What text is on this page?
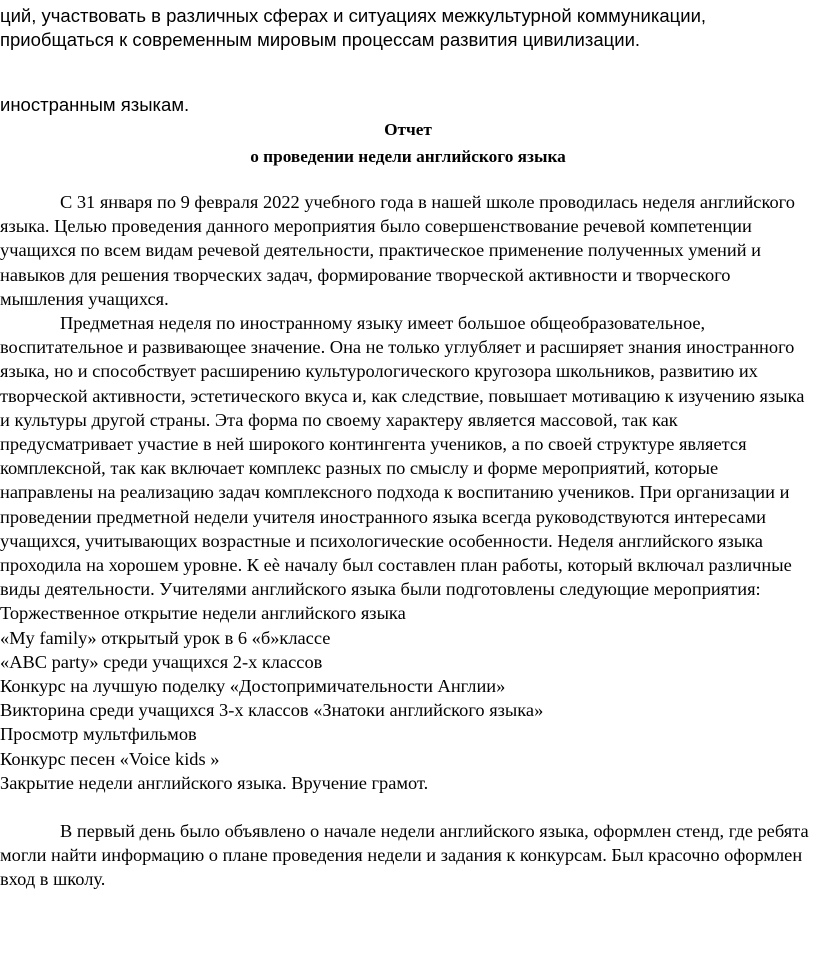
ций, участвовать в различных сферах и ситуациях межкультурной коммуникации,

приобщаться к современным мировым процессам развития цивилизации.

иностранным языкам.

Отчет

о проведении недели английского языка

С 31 января по 9 февраля 2022 учебного года в нашей школе проводилась неделя английского

языка. Целью проведения данного мероприятия было совершенствование речевой компетенции

учащихся по всем видам речевой деятельности, практическое применение полученных умений и

навыков для решения творческих задач, формирование творческой активности и творческого

мышления учащихся.

Предметная неделя по иностранному языку имеет большое общеобразовательное,

воспитательное и развивающее значение. Она не только углубляет и расширяет знания иностранного

языка, но и способствует расширению культурологического кругозора школьников, развитию их

творческой активности, эстетического вкуса и, как следствие, повышает мотивацию к изучению языка

и культуры другой страны. Эта форма по своему характеру является массовой, так как

предусматривает участие в ней широкого контингента учеников, а по своей структуре является

комплексной, так как включает комплекс разных по смыслу и форме мероприятий, которые

направлены на реализацию задач комплексного подхода к воспитанию учеников. При организации и

проведении предметной недели учителя иностранного языка всегда руководствуются интересами

учащихся, учитывающих возрастные и психологические особенности. Неделя английского языка

проходила на хорошем уровне. К еѐ началу был составлен план работы, который включал различные

виды деятельности. Учителями английского языка были подготовлены следующие мероприятия:

Торжественное открытие недели английского языка

«My family» открытый урок в 6 «б»классе

«ABC party» среди учащихся 2-х классов

Конкурс на лучшую поделку «Достопримичательности Англии»

Викторина среди учащихся 3-х классов «Знатоки английского языка»

Просмотр мультфильмов

Конкурс песен «Voice kids »

Закрытие недели английского языка. Вручение грамот.

В первый день было объявлено о начале недели английского языка, оформлен стенд, где ребята

могли найти информацию о плане проведения недели и задания к конкурсам. Был красочно оформлен

вход в школу.
